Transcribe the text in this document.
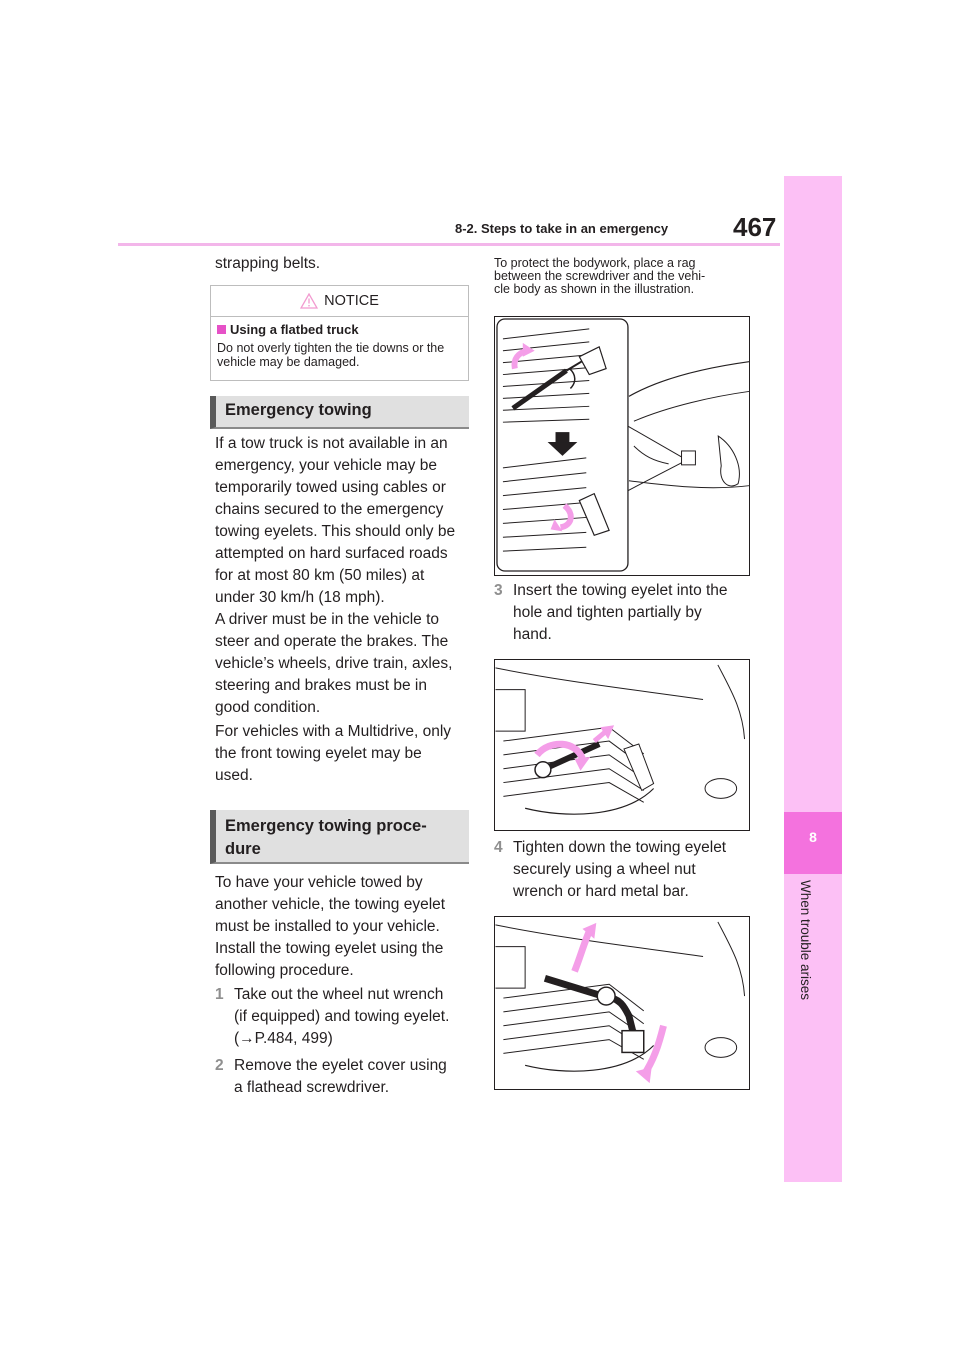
8-2. Steps to take in an emergency 467
8
When trouble arises
strapping belts.
NOTICE
Using a flatbed truck
Do not overly tighten the tie downs or the vehicle may be damaged.
Emergency towing
If a tow truck is not available in an
emergency, your vehicle may be
temporarily towed using cables or
chains secured to the emergency
towing eyelets. This should only be
attempted on hard surfaced roads
for at most 80 km (50 miles) at
under 30 km/h (18 mph).
A driver must be in the vehicle to
steer and operate the brakes. The
vehicle’s wheels, drive train, axles,
steering and brakes must be in
good condition.
For vehicles with a Multidrive, only
the front towing eyelet may be
used.
Emergency towing proce-
dure
To have your vehicle towed by
another vehicle, the towing eyelet
must be installed to your vehicle.
Install the towing eyelet using the
following procedure.
1 Take out the wheel nut wrench
(if equipped) and towing eyelet.
(→P.484, 499)
2 Remove the eyelet cover using
a flathead screwdriver.
To protect the bodywork, place a rag
between the screwdriver and the vehi-
cle body as shown in the illustration.
3 Insert the towing eyelet into the
hole and tighten partially by
hand.
4 Tighten down the towing eyelet
securely using a wheel nut
wrench or hard metal bar.
